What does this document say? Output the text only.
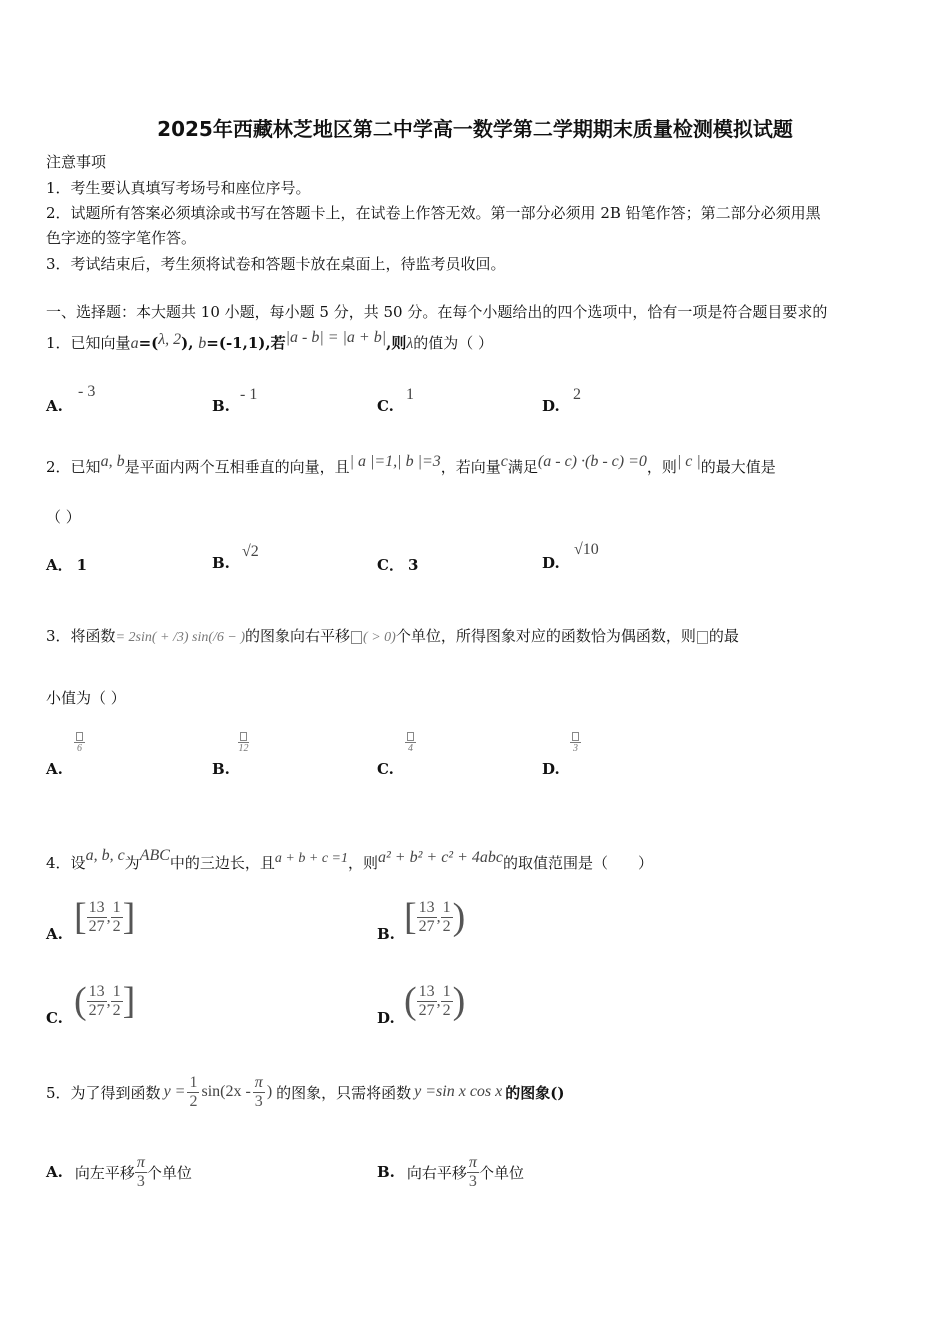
2025年西藏林芝地区第二中学高一数学第二学期期末质量检测模拟试题
注意事项
1．考生要认真填写考场号和座位序号。
2．试题所有答案必须填涂或书写在答题卡上，在试卷上作答无效。第一部分必须用 2B 铅笔作答；第二部分必须用黑
色字迹的签字笔作答。
3．考试结束后，考生须将试卷和答题卡放在桌面上，待监考员收回。
一、选择题：本大题共 10 小题，每小题 5 分，共 50 分。在每个小题给出的四个选项中，恰有一项是符合题目要求的
1．已知向量a=(λ, 2), b=(-1,1),若|a - b| = |a + b|,则λ的值为（ ）
A.
- 3
B.
- 1
C.
1
D.
2
2．已知a, b是平面内两个互相垂直的向量，且| a |=1,| b |=3，若向量c满足(a - c) ·(b - c) =0，则| c |的最大值是
（ ）
A． 1	B.
√2
C． 3	D.
√10
3．将函数= 2sin( + /3) sin(/6 − )的图象向右平移 ( > 0)个单位，所得图象对应的函数恰为偶函数，则 的最
小值为（ ）
A.
6
B.
12
C.
4
D.
3
4．设a, b, c为ABC中的三边长，且a + b + c =1，则a² + b² + c² + 4abc的取值范围是（　　）
A. [ $\frac{13}{27}$ , $\frac{1}{2}$ ]	B. [ $\frac{13}{27}$ , $\frac{1}{2}$ )
C. ( $\frac{13}{27}$ , $\frac{1}{2}$ ]	D. ( $\frac{13}{27}$ , $\frac{1}{2}$ )
5． 为了得到函数 $y = \frac{1}{2} \sin(2x - \frac{\pi}{3}$ ) 的图象，只需将函数 y =sin x cos x 的图象()
A. 向左平移 $\frac{\pi}{3}$ 个单位	B. 向右平移 $\frac{\pi}{3}$ 个单位
